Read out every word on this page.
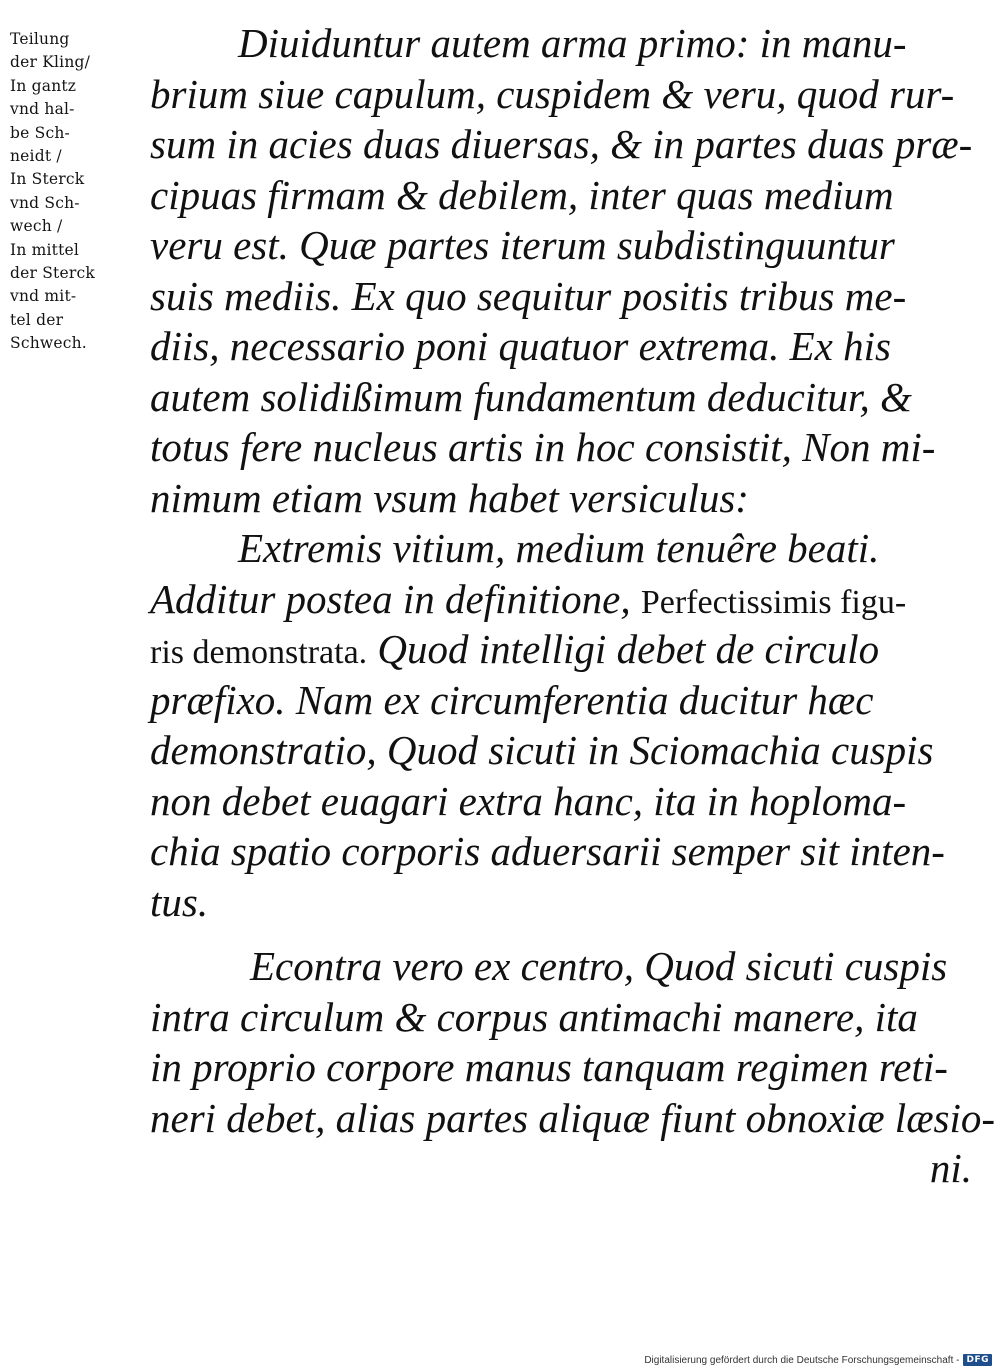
Teilung
der Kling/
In gantz
vnd hal-
be Sch-
neidt /
In Sterck
vnd Sch-
wech /
In mittel
der Sterck
vnd mit-
tel der
Schwech.
Diuiduntur autem arma primo: in manu-
brium siue capulum, cuspidem & veru, quod rur-
sum in acies duas diuersas, & in partes duas præ-
cipuas firmam & debilem, inter quas medium
veru est. Quæ partes iterum subdistinguuntur
suis mediis. Ex quo sequitur positis tribus me-
diis, necessario poni quatuor extrema. Ex his
autem solidißimum fundamentum deducitur, &
totus fere nucleus artis in hoc consistit, Non mi-
nimum etiam vsum habet versiculus:
Extremis vitium, medium tenuêre beati.
Additur postea in definitione, Perfectissimis figu-
ris demonstrata. Quod intelligi debet de circulo
præfixo. Nam ex circumferentia ducitur hæc
demonstratio, Quod sicuti in Sciomachia cuspis
non debet euagari extra hanc, ita in hoploma-
chia spatio corporis aduersarii semper sit inten-
tus.
Econtra vero ex centro, Quod sicuti cuspis
intra circulum & corpus antimachi manere, ita
in proprio corpore manus tanquam regimen reti-
neri debet, alias partes aliquæ fiunt obnoxiæ læsio-
ni.
Digitalisierung gefördert durch die Deutsche Forschungsgemeinschaft - DFG
